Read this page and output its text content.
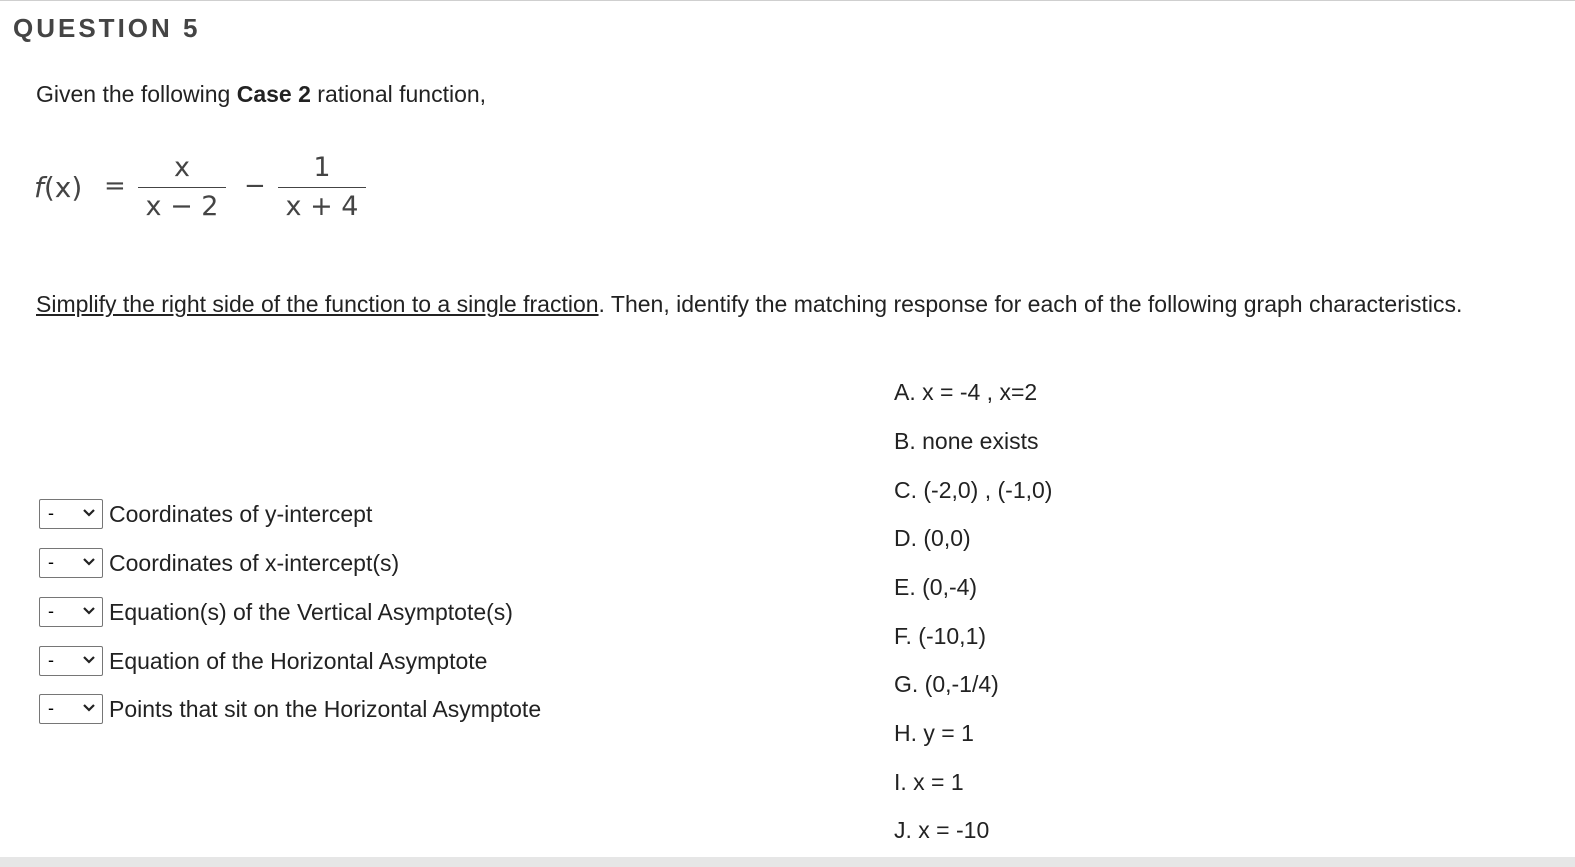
QUESTION 5
Given the following Case 2 rational function,
f(x) =
x
x − 2
−
1
x + 4
Simplify the right side of the function to a single fraction. Then, identify the matching response for each of the following graph characteristics.
- Coordinates of y-intercept
- Coordinates of x-intercept(s)
- Equation(s) of the Vertical Asymptote(s)
- Equation of the Horizontal Asymptote
- Points that sit on the Horizontal Asymptote
A. x = -4 , x=2
B. none exists
C. (-2,0) , (-1,0)
D. (0,0)
E. (0,-4)
F. (-10,1)
G. (0,-1/4)
H. y = 1
I. x = 1
J. x = -10
